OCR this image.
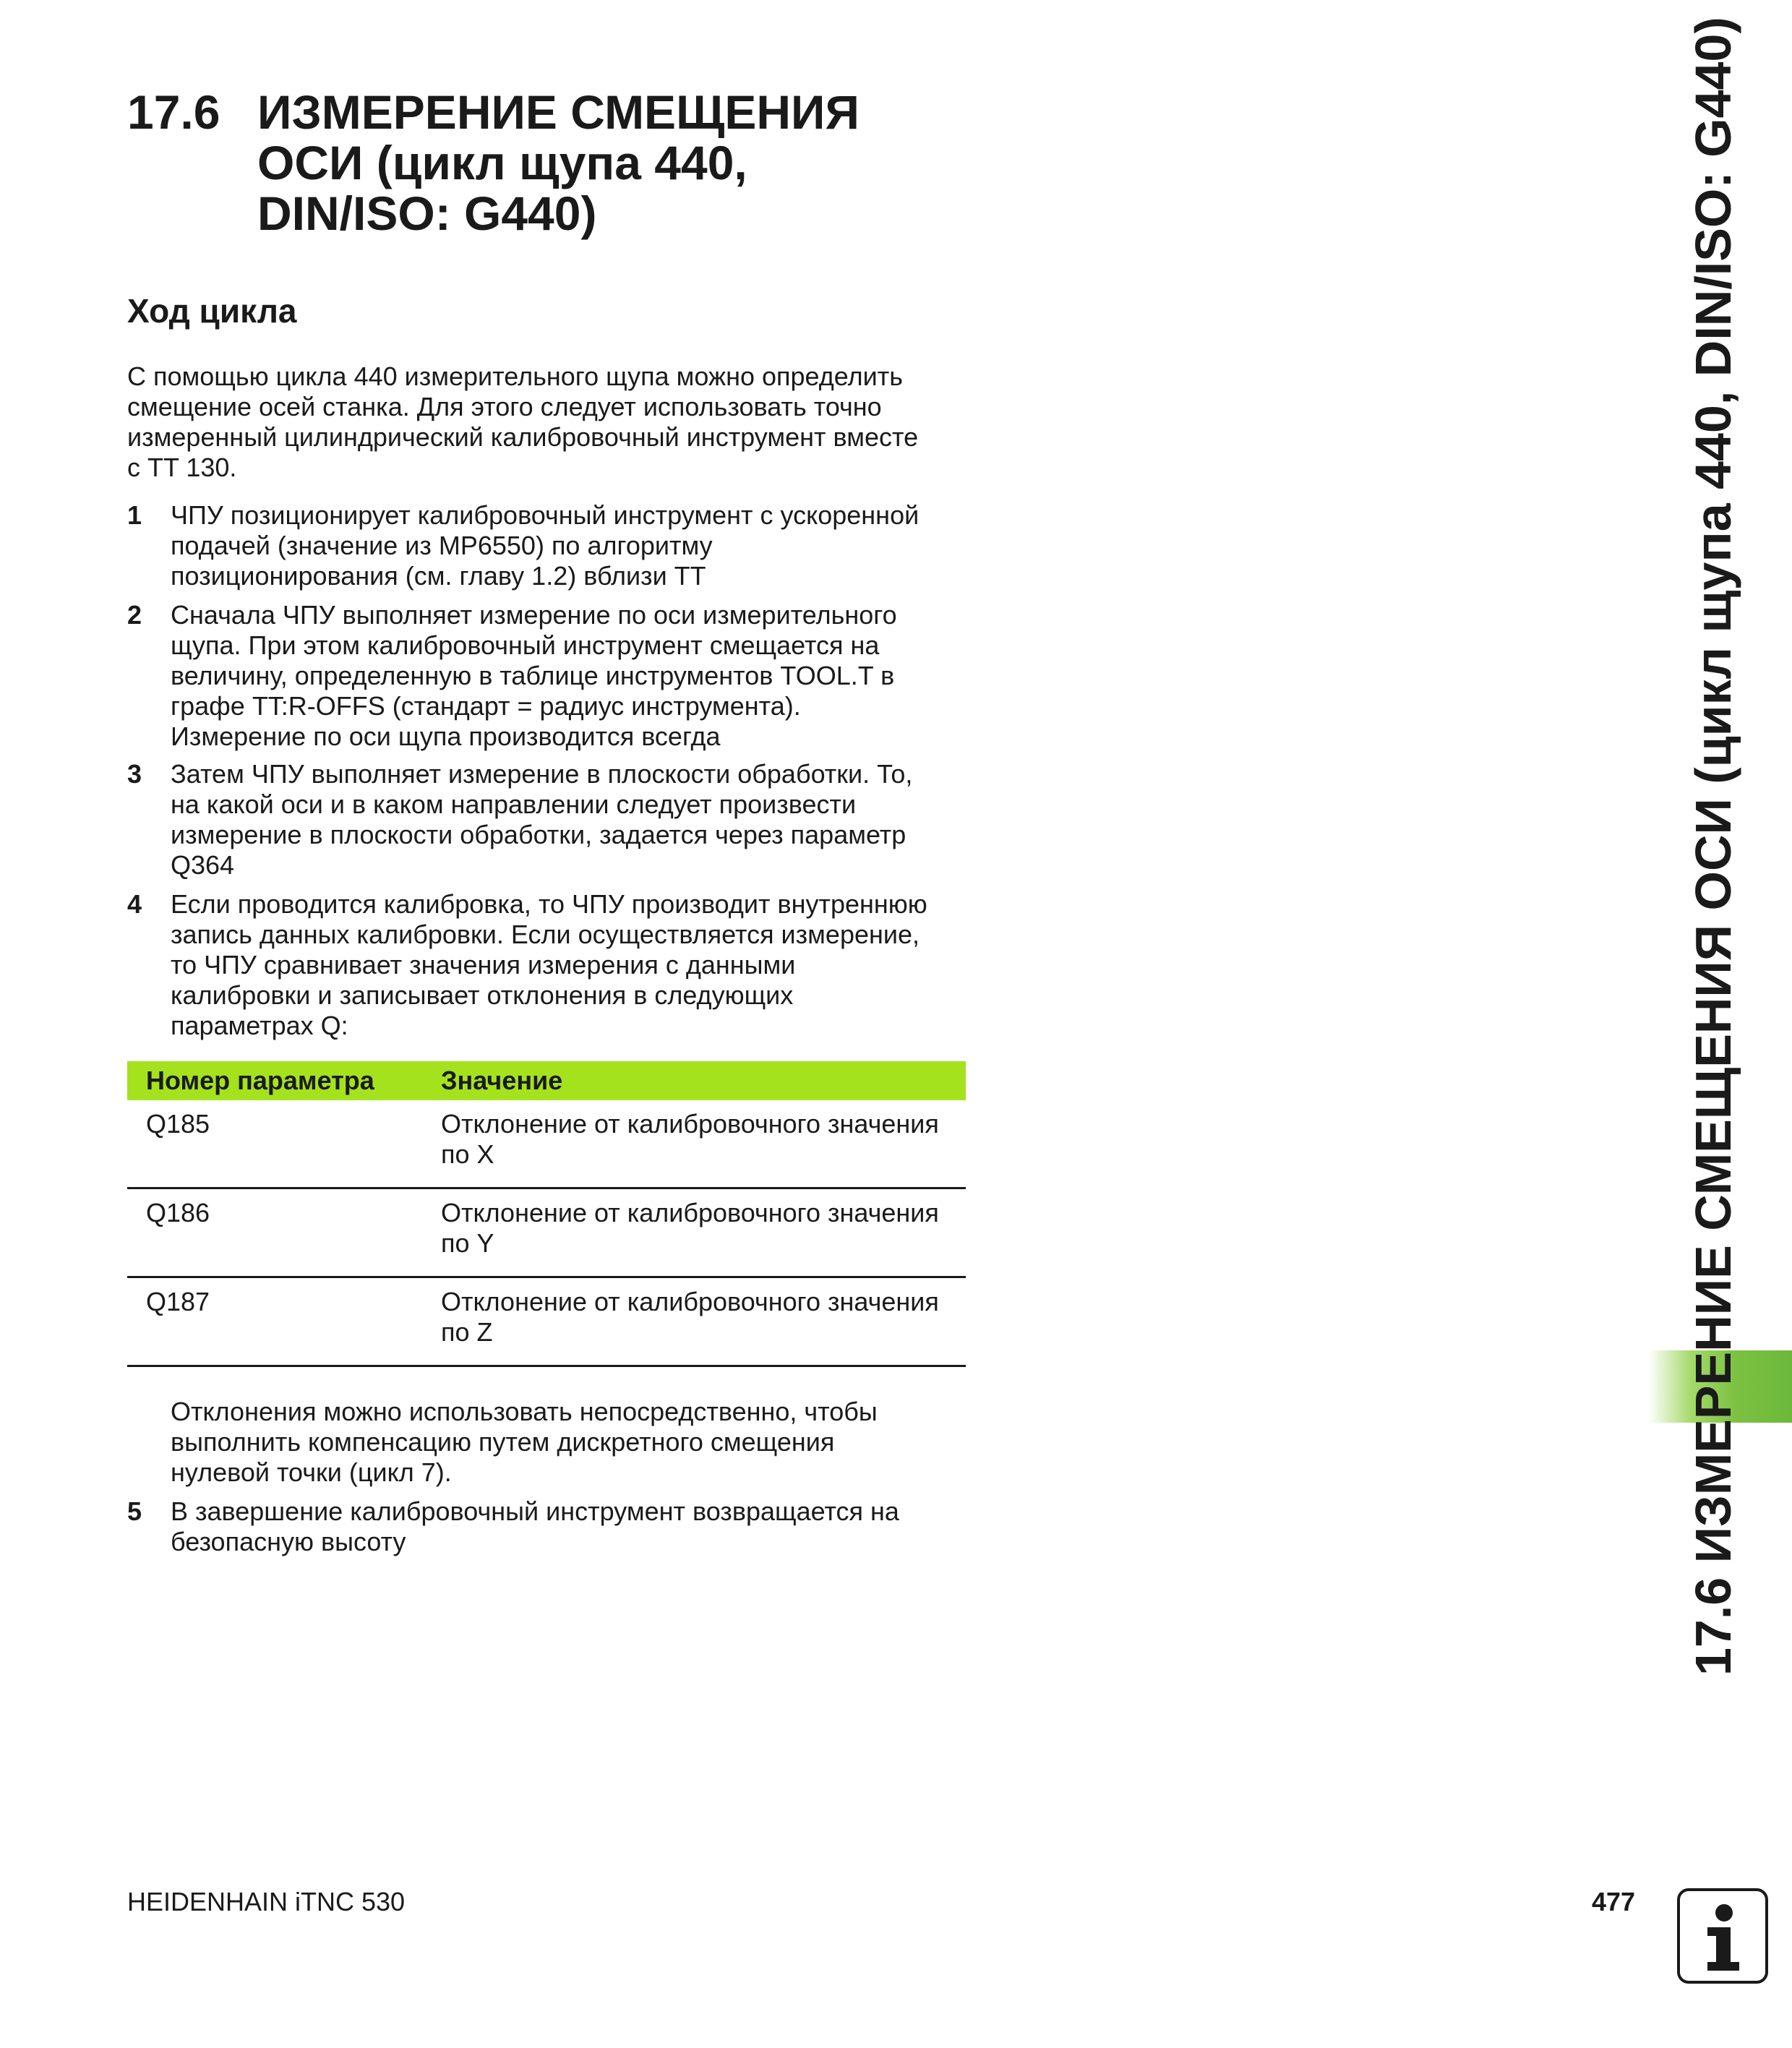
17.6 ИЗМЕРЕНИЕ СМЕЩЕНИЯ
ОСИ (цикл щупа 440,
DIN/ISO: G440)
Ход цикла
С помощью цикла 440 измерительного щупа можно определить
смещение осей станка. Для этого следует использовать точно
измеренный цилиндрический калибровочный инструмент вместе
с TT 130.
1	ЧПУ позиционирует калибровочный инструмент с ускоренной
подачей (значение из MP6550) по алгоритму
позиционирования (см. главу 1.2) вблизи TT
2	Сначала ЧПУ выполняет измерение по оси измерительного
щупа. При этом калибровочный инструмент смещается на
величину, определенную в таблице инструментов TOOL.T в
графе TT:R-OFFS (стандарт = радиус инструмента).
Измерение по оси щупа производится всегда
3	Затем ЧПУ выполняет измерение в плоскости обработки. То,
на какой оси и в каком направлении следует произвести
измерение в плоскости обработки, задается через параметр
Q364
4	Если проводится калибровка, то ЧПУ производит внутреннюю
запись данных калибровки. Если осуществляется измерение,
то ЧПУ сравнивает значения измерения с данными
калибровки и записывает отклонения в следующих
параметрах Q:
Номер параметра	Значение
Q185	Отклонение от калибровочного значения
по X
Q186	Отклонение от калибровочного значения
по Y
Q187	Отклонение от калибровочного значения
по Z
Отклонения можно использовать непосредственно, чтобы
выполнить компенсацию путем дискретного смещения
нулевой точки (цикл 7).
5	В завершение калибровочный инструмент возвращается на
безопасную высоту	17.6 ИЗМЕРЕНИЕ СМЕЩЕНИЯ ОСИ (цикл щупа 440, DIN/ISO: G440)
HEIDENHAIN iTNC 530	477
